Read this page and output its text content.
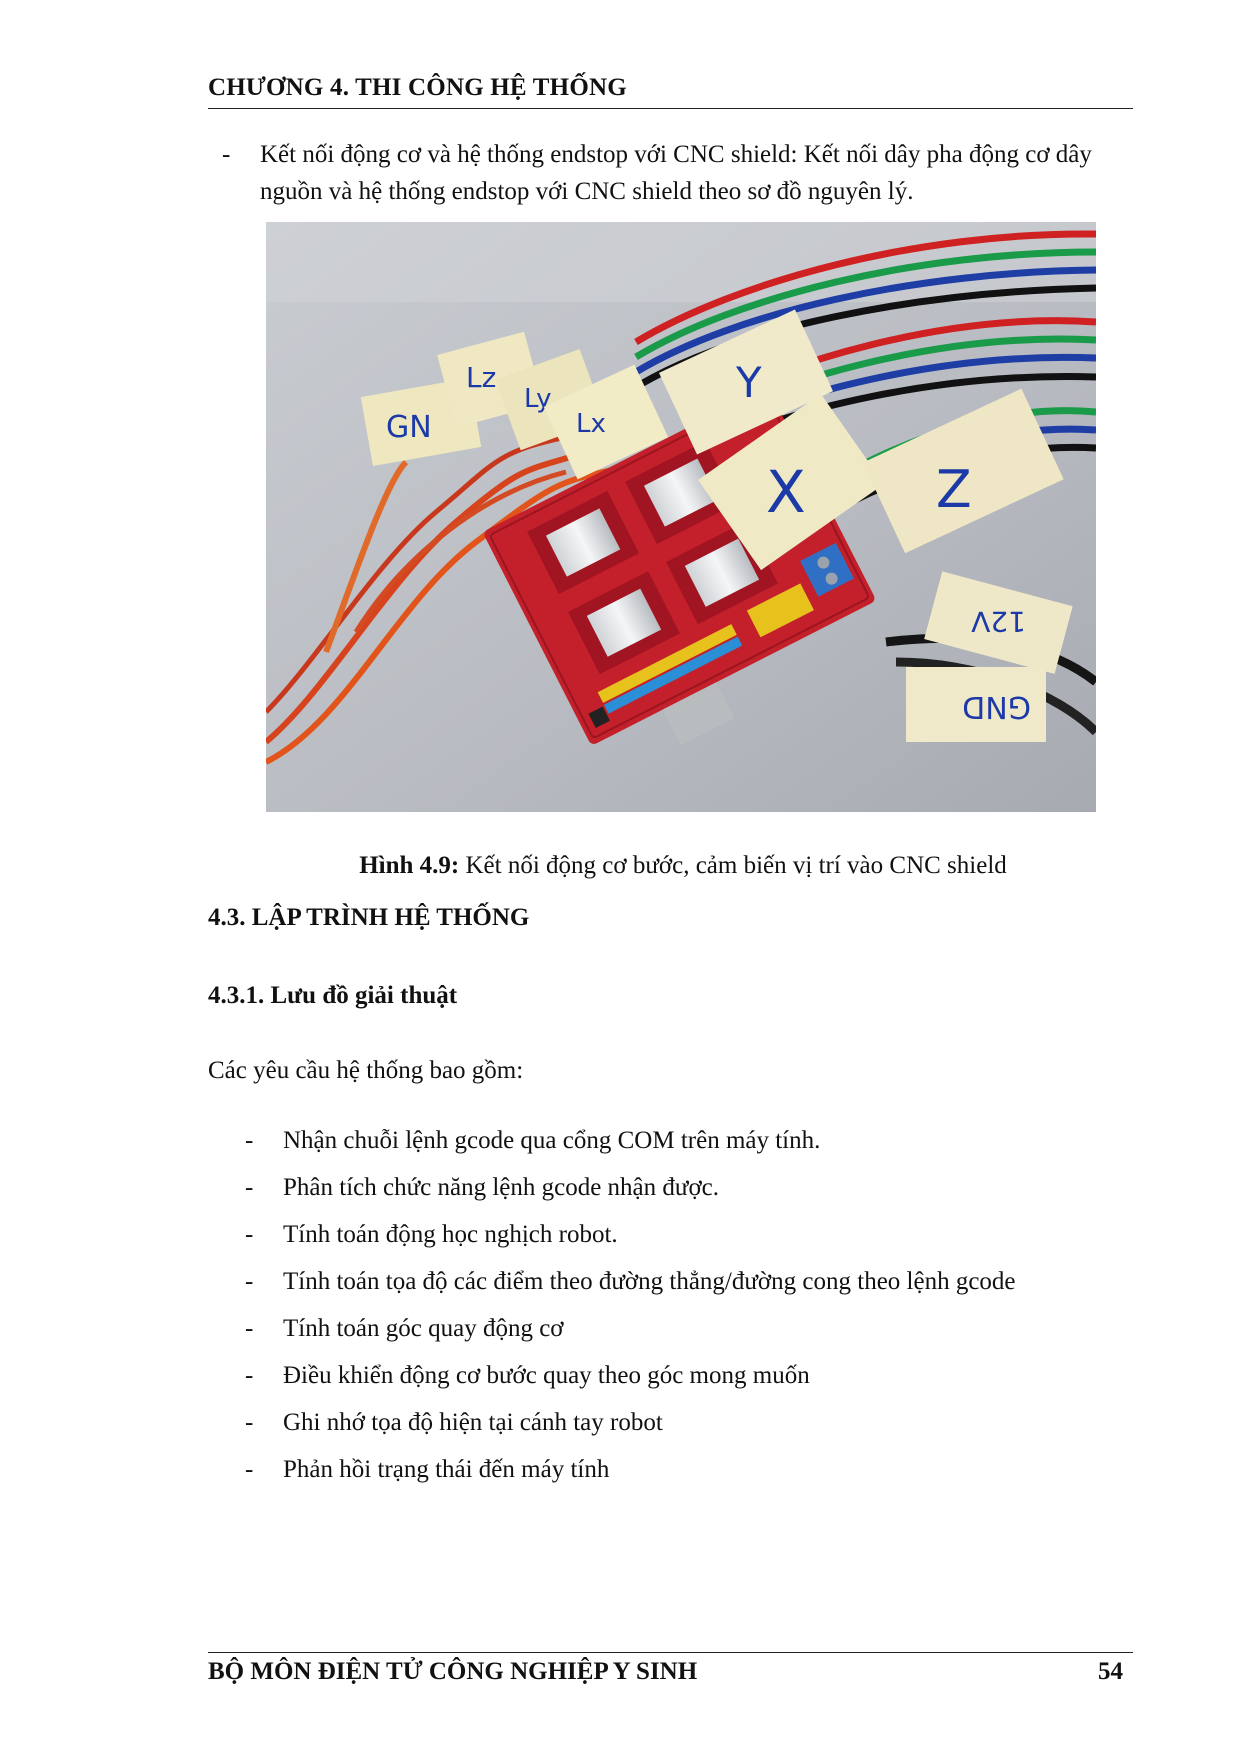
CHƯƠNG 4. THI CÔNG HỆ THỐNG
- Kết nối động cơ và hệ thống endstop với CNC shield: Kết nối dây pha động cơ dây nguồn và hệ thống endstop với CNC shield theo sơ đồ nguyên lý.
GN
Lz
Ly
Lx
Y
X	Z
12V
GND
Hình 4.9: Kết nối động cơ bước, cảm biến vị trí vào CNC shield
4.3. LẬP TRÌNH HỆ THỐNG
4.3.1. Lưu đồ giải thuật
Các yêu cầu hệ thống bao gồm:
- Nhận chuỗi lệnh gcode qua cổng COM trên máy tính.
- Phân tích chức năng lệnh gcode nhận được.
- Tính toán động học nghịch robot.
- Tính toán tọa độ các điểm theo đường thẳng/đường cong theo lệnh gcode
- Tính toán góc quay động cơ
- Điều khiển động cơ bước quay theo góc mong muốn
- Ghi nhớ tọa độ hiện tại cánh tay robot
- Phản hồi trạng thái đến máy tính
BỘ MÔN ĐIỆN TỬ CÔNG NGHIỆP Y SINH	54
